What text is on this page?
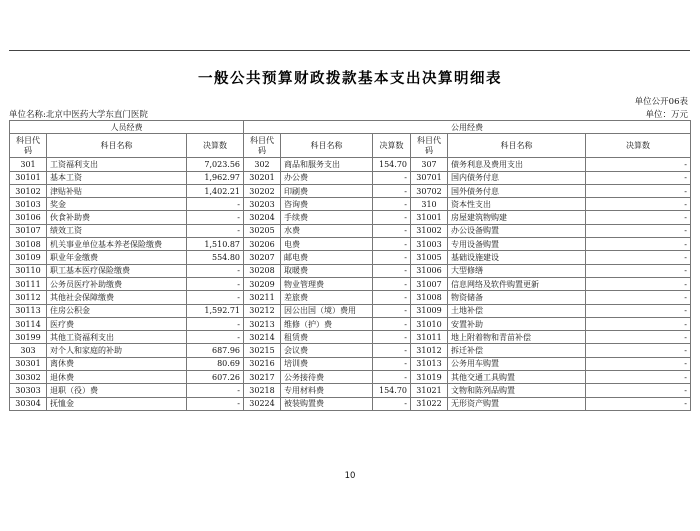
一般公共预算财政拨款基本支出决算明细表
单位公开06表
单位名称:北京中医药大学东直门医院	单位：万元
人员经费			公用经费					
科目代码	科目名称	决算数	科目代码	科目名称	决算数	科目代码	科目名称	决算数
301	工资福利支出	7,023.56	302	商品和服务支出	154.70	307	债务利息及费用支出	-
30101	基本工资	1,962.97	30201	办公费	-	30701	国内债务付息	-
30102	津贴补贴	1,402.21	30202	印刷费	-	30702	国外债务付息	-
30103	奖金	-	30203	咨询费	-	310	资本性支出	-
30106	伙食补助费	-	30204	手续费	-	31001	房屋建筑物购建	-
30107	绩效工资	-	30205	水费	-	31002	办公设备购置	-
30108	机关事业单位基本养老保险缴费	1,510.87	30206	电费	-	31003	专用设备购置	-
30109	职业年金缴费	554.80	30207	邮电费	-	31005	基础设施建设	-
30110	职工基本医疗保险缴费	-	30208	取暖费	-	31006	大型修缮	-
30111	公务员医疗补助缴费	-	30209	物业管理费	-	31007	信息网络及软件购置更新	-
30112	其他社会保障缴费	-	30211	差旅费	-	31008	物资储备	-
30113	住房公积金	1,592.71	30212	因公出国（境）费用	-	31009	土地补偿	-
30114	医疗费	-	30213	维修（护）费	-	31010	安置补助	-
30199	其他工资福利支出	-	30214	租赁费	-	31011	地上附着物和青苗补偿	-
303	对个人和家庭的补助	687.96	30215	会议费	-	31012	拆迁补偿	-
30301	离休费	80.69	30216	培训费	-	31013	公务用车购置	-
30302	退休费	607.26	30217	公务接待费	-	31019	其他交通工具购置	-
30303	退职（役）费	-	30218	专用材料费	154.70	31021	文物和陈列品购置	-
30304	抚恤金	-	30224	被装购置费	-	31022	无形资产购置	-
10
